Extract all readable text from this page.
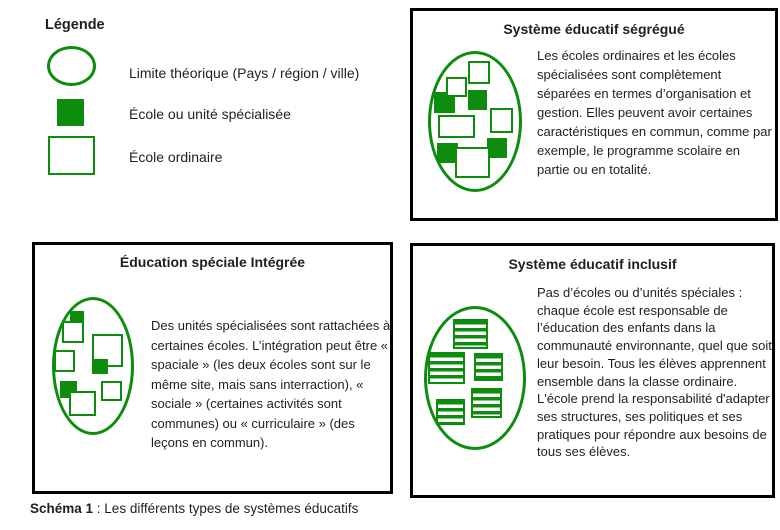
Légende
Limite théorique (Pays / région / ville)
École ou unité spécialisée
École ordinaire
Système éducatif ségrégué
Les écoles ordinaires et les écoles spécialisées sont complètement séparées en termes d’organisation et gestion. Elles peuvent avoir certaines caractéristiques en commun, comme par exemple, le programme scolaire en partie ou en totalité.
Éducation spéciale Intégrée
Des unités spécialisées sont rattachées à certaines écoles. L’intégration peut être « spaciale » (les deux écoles sont sur le même site, mais sans interraction), « sociale » (certaines activités sont communes) ou « curriculaire » (des leçons en commun).
Système éducatif inclusif
Pas d’écoles ou d’unités spéciales : chaque école est responsable de l’éducation des enfants dans la communauté environnante, quel que soit leur besoin. Tous les élèves apprennent ensemble dans la classe ordinaire. L'école prend la responsabilité d'adapter ses structures, ses politiques et ses pratiques pour répondre aux besoins de tous ses élèves.
Schéma 1 : Les différents types de systèmes éducatifs
